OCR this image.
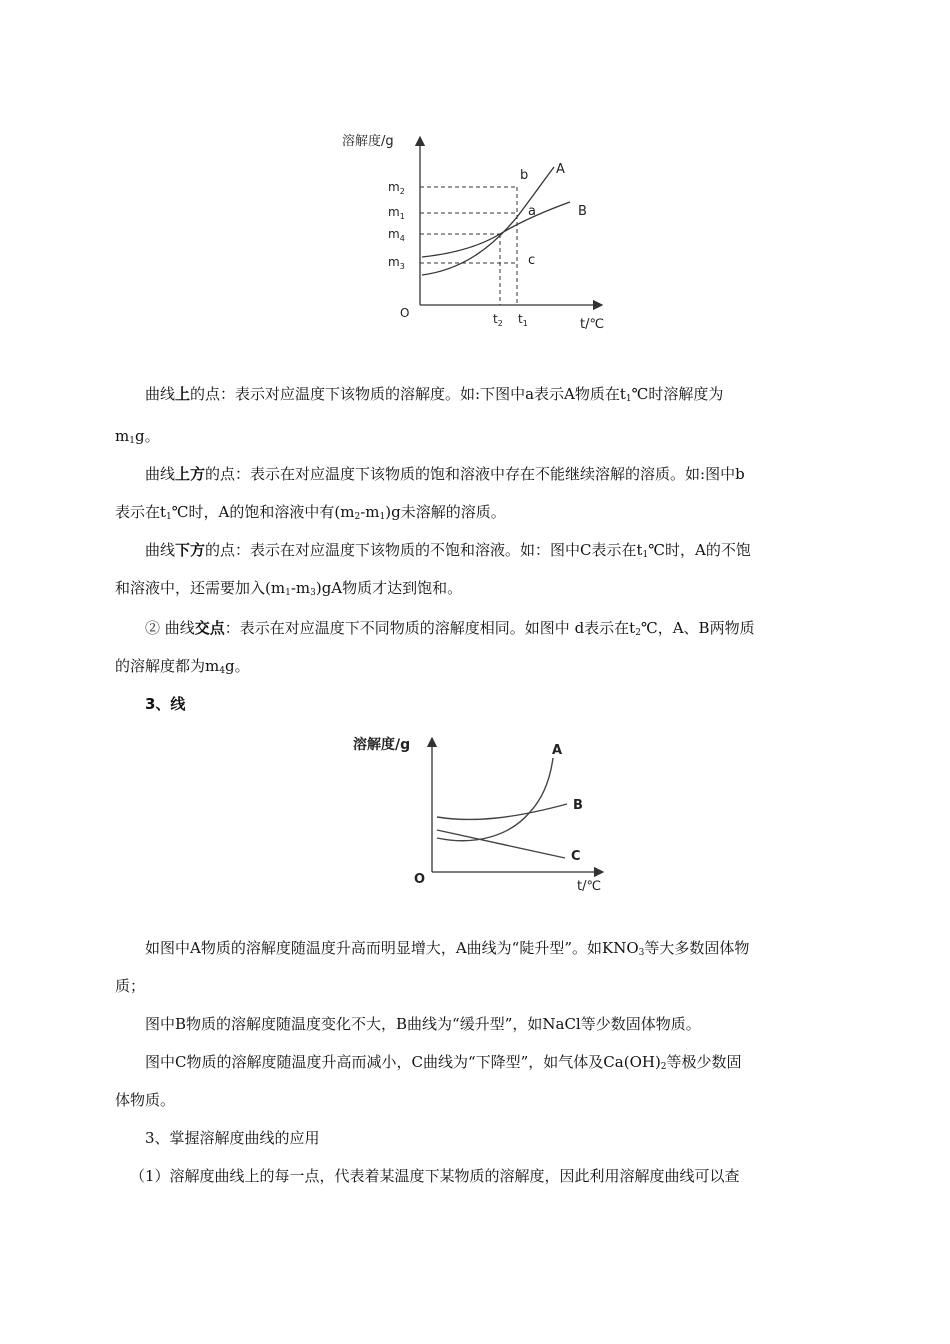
溶解度/g
t/℃
O
$m_2$
$m_1$
$m_4$
$m_3$
$t_2$ $t_1$
b
a
c
A
B
曲线上的点：表示对应温度下该物质的溶解度。如:下图中a表示A物质在$t_1℃$时溶解度为
$m_1g$。
曲线上方的点：表示在对应温度下该物质的饱和溶液中存在不能继续溶解的溶质。如:图中b
表示在$t_1℃$时，A的饱和溶液中有$(m_2-m_1)g$未溶解的溶质。
曲线下方的点：表示在对应温度下该物质的不饱和溶液。如：图中C表示在$t_1℃$时，A的不饱
和溶液中，还需要加入$(m_1-m_3)gA$物质才达到饱和。
② 曲线交点：表示在对应温度下不同物质的溶解度相同。如图中 d表示在$t_2℃$，A、B两物质
的溶解度都为$m_4g$。
3、线
溶解度/g
t/℃
O
A
B
C
如图中A物质的溶解度随温度升高而明显增大，A曲线为“陡升型”。如$KNO_3$等大多数固体物
质；
图中B物质的溶解度随温度变化不大，B曲线为“缓升型”，如NaCl等少数固体物质。
图中C物质的溶解度随温度升高而减小，C曲线为“下降型”，如气体及$Ca(OH)_2$等极少数固
体物质。
3、掌握溶解度曲线的应用
（1）溶解度曲线上的每一点，代表着某温度下某物质的溶解度，因此利用溶解度曲线可以查
